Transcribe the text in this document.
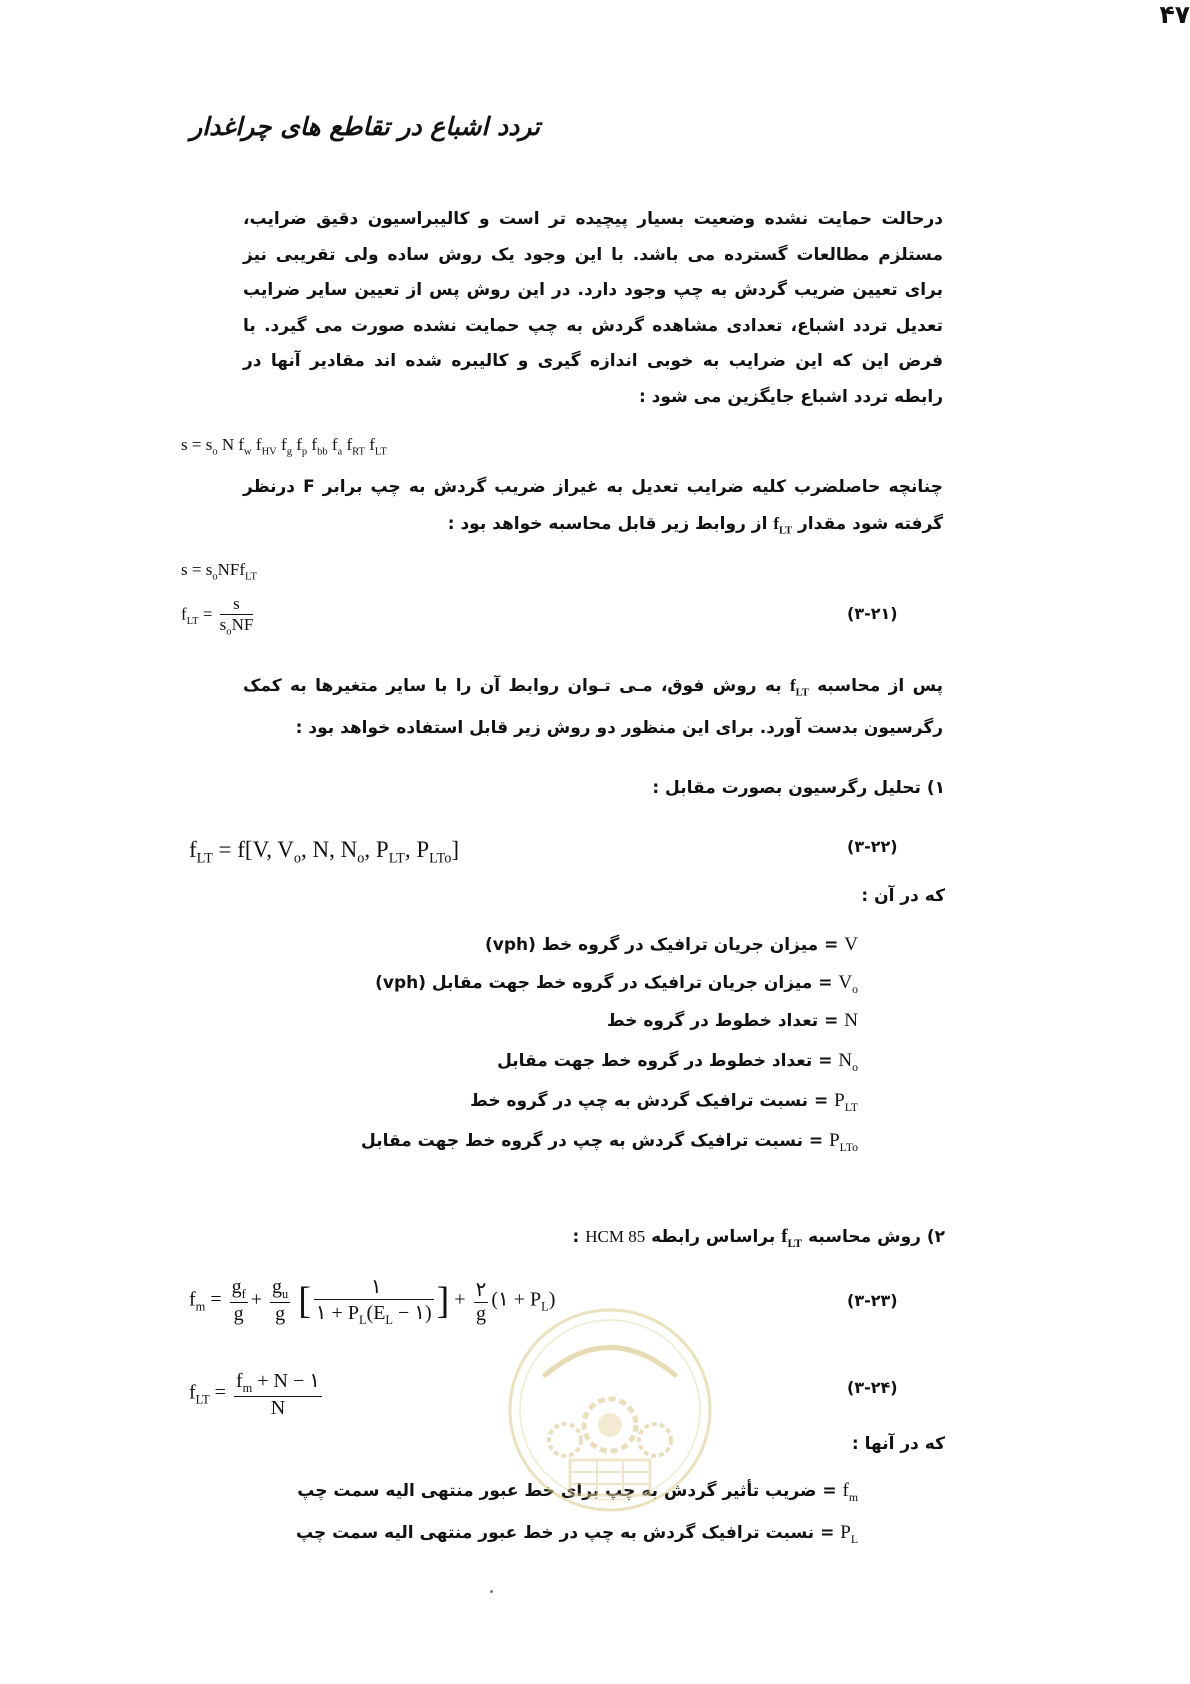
تردد اشباع در تقاطع های چراغدار
۴۷
درحالت حمایت نشده وضعیت بسیار پیچیده تر است و کالیبراسیون دقیق ضرایب، مستلزم مطالعات گسترده می باشد. با این وجود یک روش ساده ولی تقریبی نیز برای تعیین ضریب گردش به چپ وجود دارد. در این روش پس از تعیین سایر ضرایب تعدیل تردد اشباع، تعدادی مشاهده گردش به چپ حمایت نشده صورت می گیرد. با فرض این که این ضرایب به خوبی اندازه گیری و کالیبره شده اند مقادیر آنها در رابطه تردد اشباع جایگزین می شود :
$s = s_o$ N $f_w$ $f_{HV}$ $f_g$ $f_p$ $f_{bb}$ $f_a$ $f_{RT}$ $f_{LT}$
چنانچه حاصلضرب کلیه ضرایب تعدیل به غیراز ضریب گردش به چپ برابر F درنظر گرفته شود مقدار $f_{LT}$ از روابط زیر قابل محاسبه خواهد بود :
$s = s_oNFf_{LT}$
$f_{LT} = \frac{s}{s_oNF}$	(۳-۲۱)
پس از محاسبه $f_{LT}$ به روش فوق، مـی تـوان روابط آن را با سایر متغیرها به کمک رگرسیون بدست آورد. برای این منظور دو روش زیر قابل استفاده خواهد بود :
۱) تحلیل رگرسیون بصورت مقابل :
$f_{LT} = f[V$, $V_o$, N, $N_o$, $P_{LT}$, $P_{LTo}$]	(۳-۲۲)
که در آن :
V = میزان جریان ترافیک در گروه خط (vph)
$V_o$ = میزان جریان ترافیک در گروه خط جهت مقابل (vph)
N = تعداد خطوط در گروه خط
$N_o$ = تعداد خطوط در گروه خط جهت مقابل
$P_{LT}$ = نسبت ترافیک گردش به چپ در گروه خط
$P_{LTo}$ = نسبت ترافیک گردش به چپ در گروه خط جهت مقابل
۲) روش محاسبه $f_{LT}$ براساس رابطه HCM 85 :
$f_m = \frac{g_f}{g} + \frac{g_u}{g}$ [ $\frac{١}{١ + P_L(E_L - ١)}$ ] + $\frac{٢}{g}$ (١ + $P_L$)	(۳-۲۳)
$f_{LT} = \frac{f_m + N - ١}{N}$	(۳-۲۴)
که در آنها :
$f_m$ = ضریب تأثیر گردش به چپ برای خط عبور منتهی الیه سمت چپ
$P_L$ = نسبت ترافیک گردش به چپ در خط عبور منتهی الیه سمت چپ
